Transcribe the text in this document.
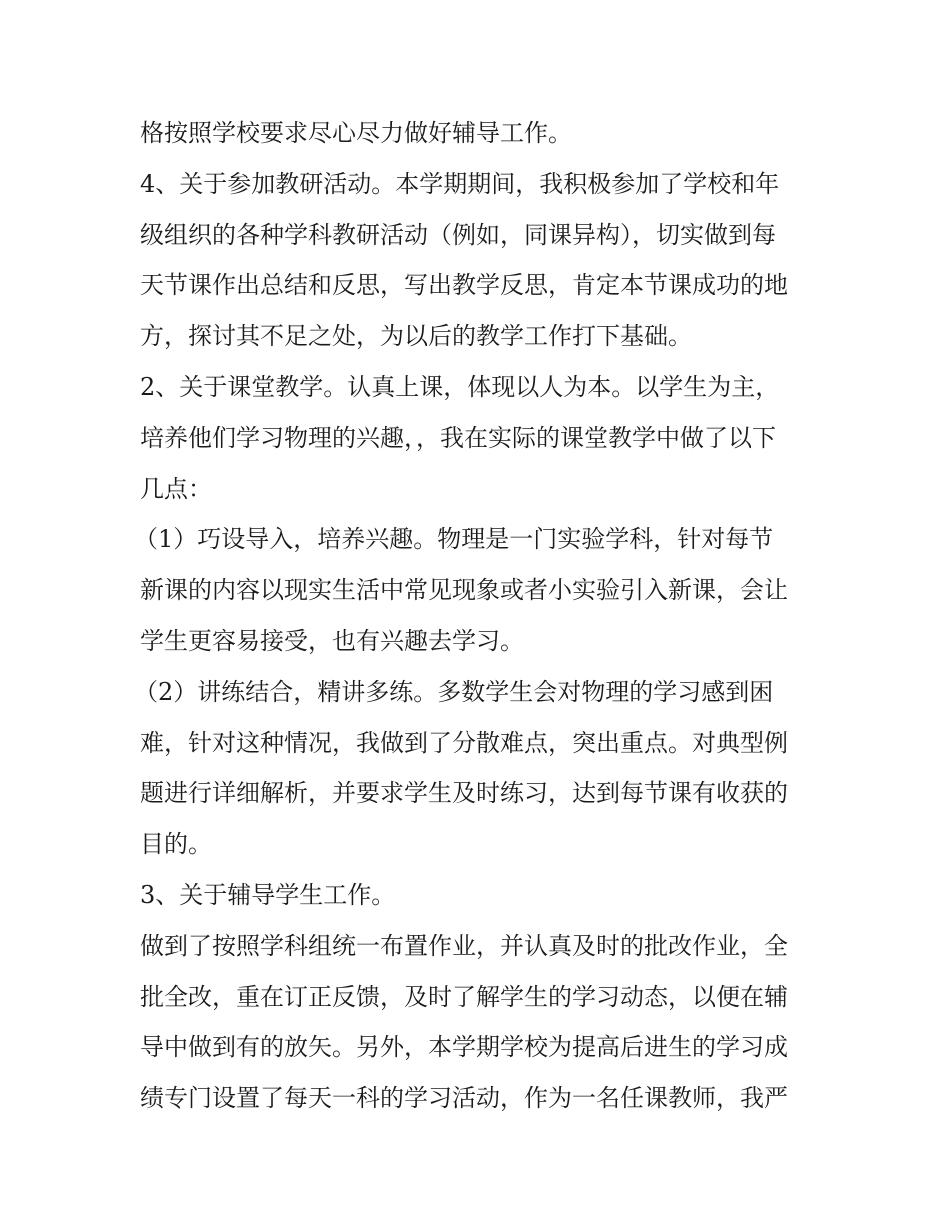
格按照学校要求尽心尽力做好辅导工作。
4、关于参加教研活动。本学期期间，我积极参加了学校和年
级组织的各种学科教研活动（例如，同课异构），切实做到每
天节课作出总结和反思，写出教学反思，肯定本节课成功的地
方，探讨其不足之处，为以后的教学工作打下基础。
2、关于课堂教学。认真上课，体现以人为本。以学生为主，
培养他们学习物理的兴趣，，我在实际的课堂教学中做了以下
几点：
（1）巧设导入，培养兴趣。物理是一门实验学科，针对每节
新课的内容以现实生活中常见现象或者小实验引入新课，会让
学生更容易接受，也有兴趣去学习。
（2）讲练结合，精讲多练。多数学生会对物理的学习感到困
难，针对这种情况，我做到了分散难点，突出重点。对典型例
题进行详细解析，并要求学生及时练习，达到每节课有收获的
目的。
3、关于辅导学生工作。
做到了按照学科组统一布置作业，并认真及时的批改作业，全
批全改，重在订正反馈，及时了解学生的学习动态，以便在辅
导中做到有的放矢。另外，本学期学校为提高后进生的学习成
绩专门设置了每天一科的学习活动，作为一名任课教师，我严
